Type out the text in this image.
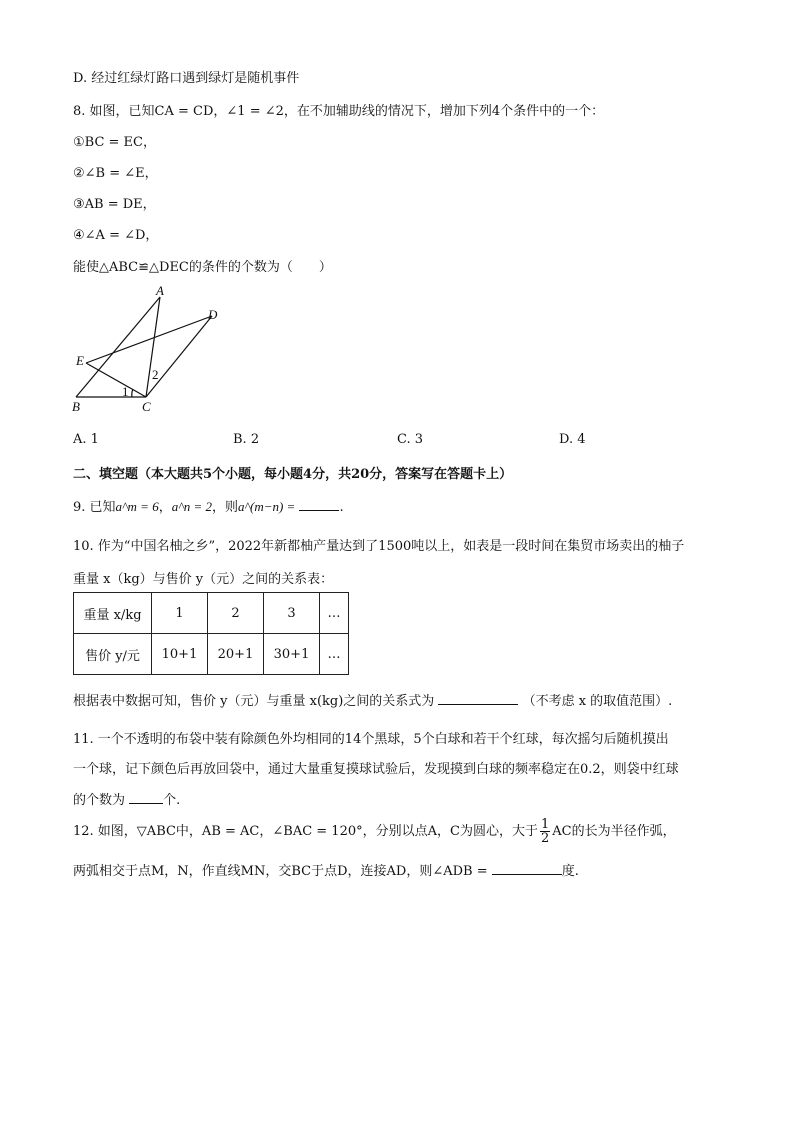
D. 经过红绿灯路口遇到绿灯是随机事件
8. 如图，已知CA = CD，∠1 = ∠2，在不加辅助线的情况下，增加下列4个条件中的一个：
①BC = EC，
②∠B = ∠E，
③AB = DE，
④∠A = ∠D，
能使△ABC≌△DEC的条件的个数为（　　）
A
D
E
B	C
1
2
A. 1	B. 2	C. 3	D. 4
二、填空题（本大题共5个小题，每小题4分，共20分，答案写在答题卡上）
9. 已知a^m = 6，a^n = 2，则a^(m−n) =	.
10. 作为“中国名柚之乡”，2022年新都柚产量达到了1500吨以上，如表是一段时间在集贸市场卖出的柚子
重量 x（kg）与售价 y（元）之间的关系表：
重量 x/kg	1	2	3	…
售价 y/元	10+1	20+1	30+1	…
根据表中数据可知，售价 y（元）与重量 x(kg)之间的关系式为	（不考虑 x 的取值范围）.
11. 一个不透明的布袋中装有除颜色外均相同的14个黑球，5个白球和若干个红球，每次摇匀后随机摸出
一个球，记下颜色后再放回袋中，通过大量重复摸球试验后，发现摸到白球的频率稳定在0.2，则袋中红球
的个数为	个.
12. 如图，▽ABC中，AB = AC，∠BAC = 120°，分别以点A，C为圆心，大于 $\frac{1}{2}$ AC的长为半径作弧，
两弧相交于点M，N，作直线MN，交BC于点D，连接AD，则∠ADB =	度.
